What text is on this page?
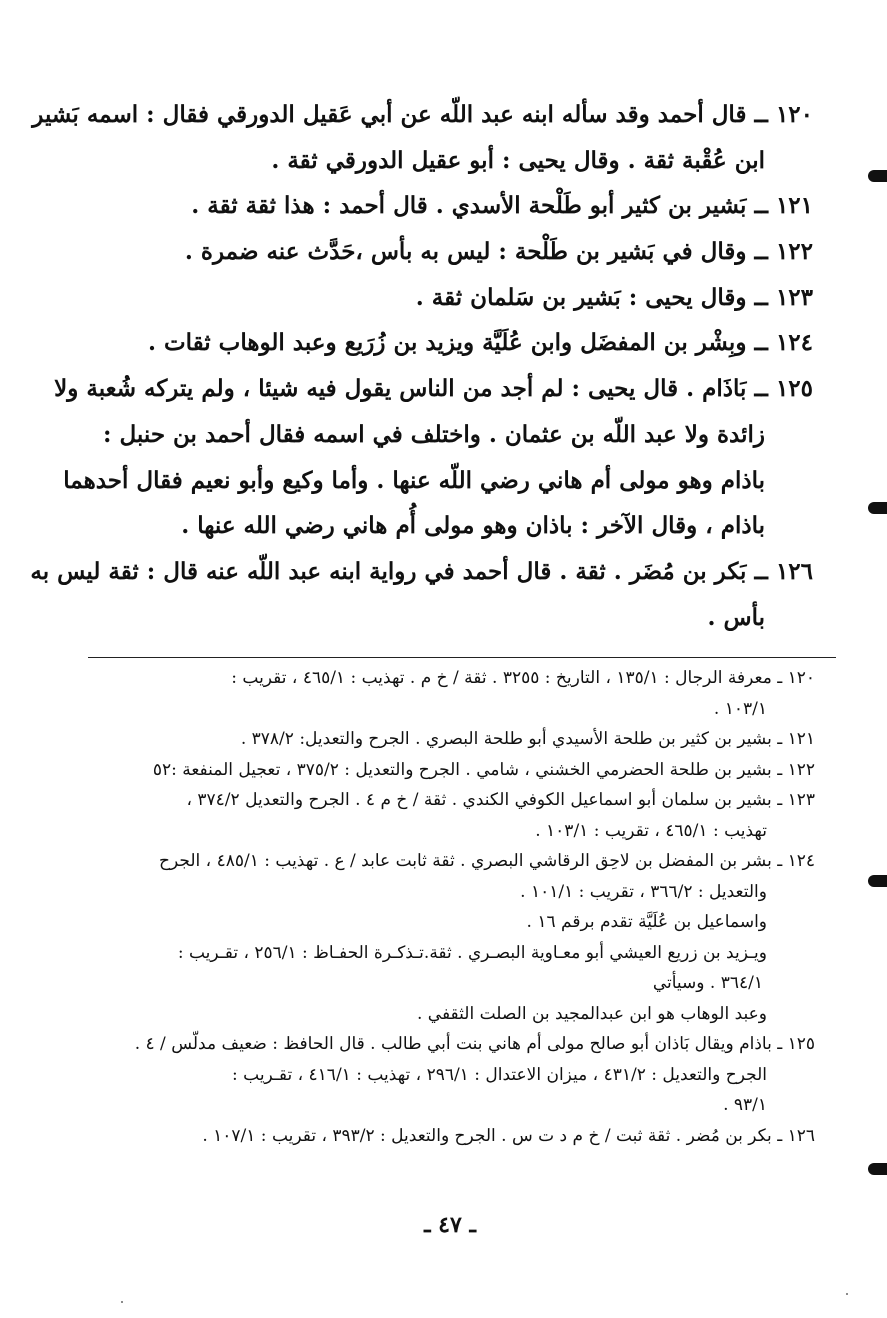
١٢٠ ــ قال أحمد وقد سأله ابنه عبد اللّه عن أبي عَقيل الدورقي فقال : اسمه بَشير
ابن عُقْبة ثقة . وقال يحيى : أبو عقيل الدورقي ثقة .
١٢١ ــ بَشير بن كثير أبو طَلْحة الأسدي . قال أحمد : هذا ثقة ثقة .
١٢٢ ــ وقال في بَشير بن طَلْحة : ليس به بأس ،حَدَّث عنه ضمرة .
١٢٣ ــ وقال يحيى : بَشير بن سَلمان ثقة .
١٢٤ ــ وبِشْر بن المفضَل وابن عُلَيَّة ويزيد بن زُرَيع وعبد الوهاب ثقات .
١٢٥ ــ بَاذَام . قال يحيى : لم أجد من الناس يقول فيه شيئا ، ولم يتركه شُعبة ولا
زائدة ولا عبد اللّه بن عثمان . واختلف في اسمه فقال أحمد بن حنبل :
باذام وهو مولى أم هاني رضي اللّه عنها . وأما وكيع وأبو نعيم فقال أحدهما
باذام ، وقال الآخر : باذان وهو مولى أُم هاني رضي الله عنها .
١٢٦ ــ بَكر بن مُضَر . ثقة . قال أحمد في رواية ابنه عبد اللّه عنه قال : ثقة ليس به
بأس .
١٢٠ ـ معرفة الرجال : ١٣٥/١ ، التاريخ : ٣٢٥٥ . ثقة / خ م . تهذيب : ٤٦٥/١ ، تقريب :
١٠٣/١ .
١٢١ ـ بشير بن كثير بن طلحة الأسيدي أبو طلحة البصري . الجرح والتعديل: ٣٧٨/٢ .
١٢٢ ـ بشير بن طلحة الحضرمي الخشني ، شامي . الجرح والتعديل : ٣٧٥/٢ ، تعجيل المنفعة :٥٢
١٢٣ ـ بشير بن سلمان أبو اسماعيل الكوفي الكندي . ثقة / خ م ٤ . الجرح والتعديل ٣٧٤/٢ ،
تهذيب : ٤٦٥/١ ، تقريب : ١٠٣/١ .
١٢٤ ـ بشر بن المفضل بن لاحِق الرقاشي البصري . ثقة ثابت عابد / ع . تهذيب : ٤٨٥/١ ، الجرح
والتعديل : ٣٦٦/٢ ، تقريب : ١٠١/١ .
واسماعيل بن عُلَيَّة تقدم برقم ١٦ .
ويـزيد بن زريع العيشي أبو معـاوية البصـري . ثقة.تـذكـرة الحفـاظ : ٢٥٦/١ ، تقـريب :
٣٦٤/١ . وسيأتي
وعبد الوهاب هو ابن عبدالمجيد بن الصلت الثقفي .
١٢٥ ـ باذام ويقال بَاذان أبو صالح مولى أم هاني بنت أبي طالب . قال الحافظ : ضعيف مدلّس / ٤ .
الجرح والتعديل : ٤٣١/٢ ، ميزان الاعتدال : ٢٩٦/١ ، تهذيب : ٤١٦/١ ، تقـريب :
٩٣/١ .
١٢٦ ـ بكر بن مُضر . ثقة ثبت / خ م د ت س . الجرح والتعديل : ٣٩٣/٢ ، تقريب : ١٠٧/١ .
ـ ٤٧ ـ
